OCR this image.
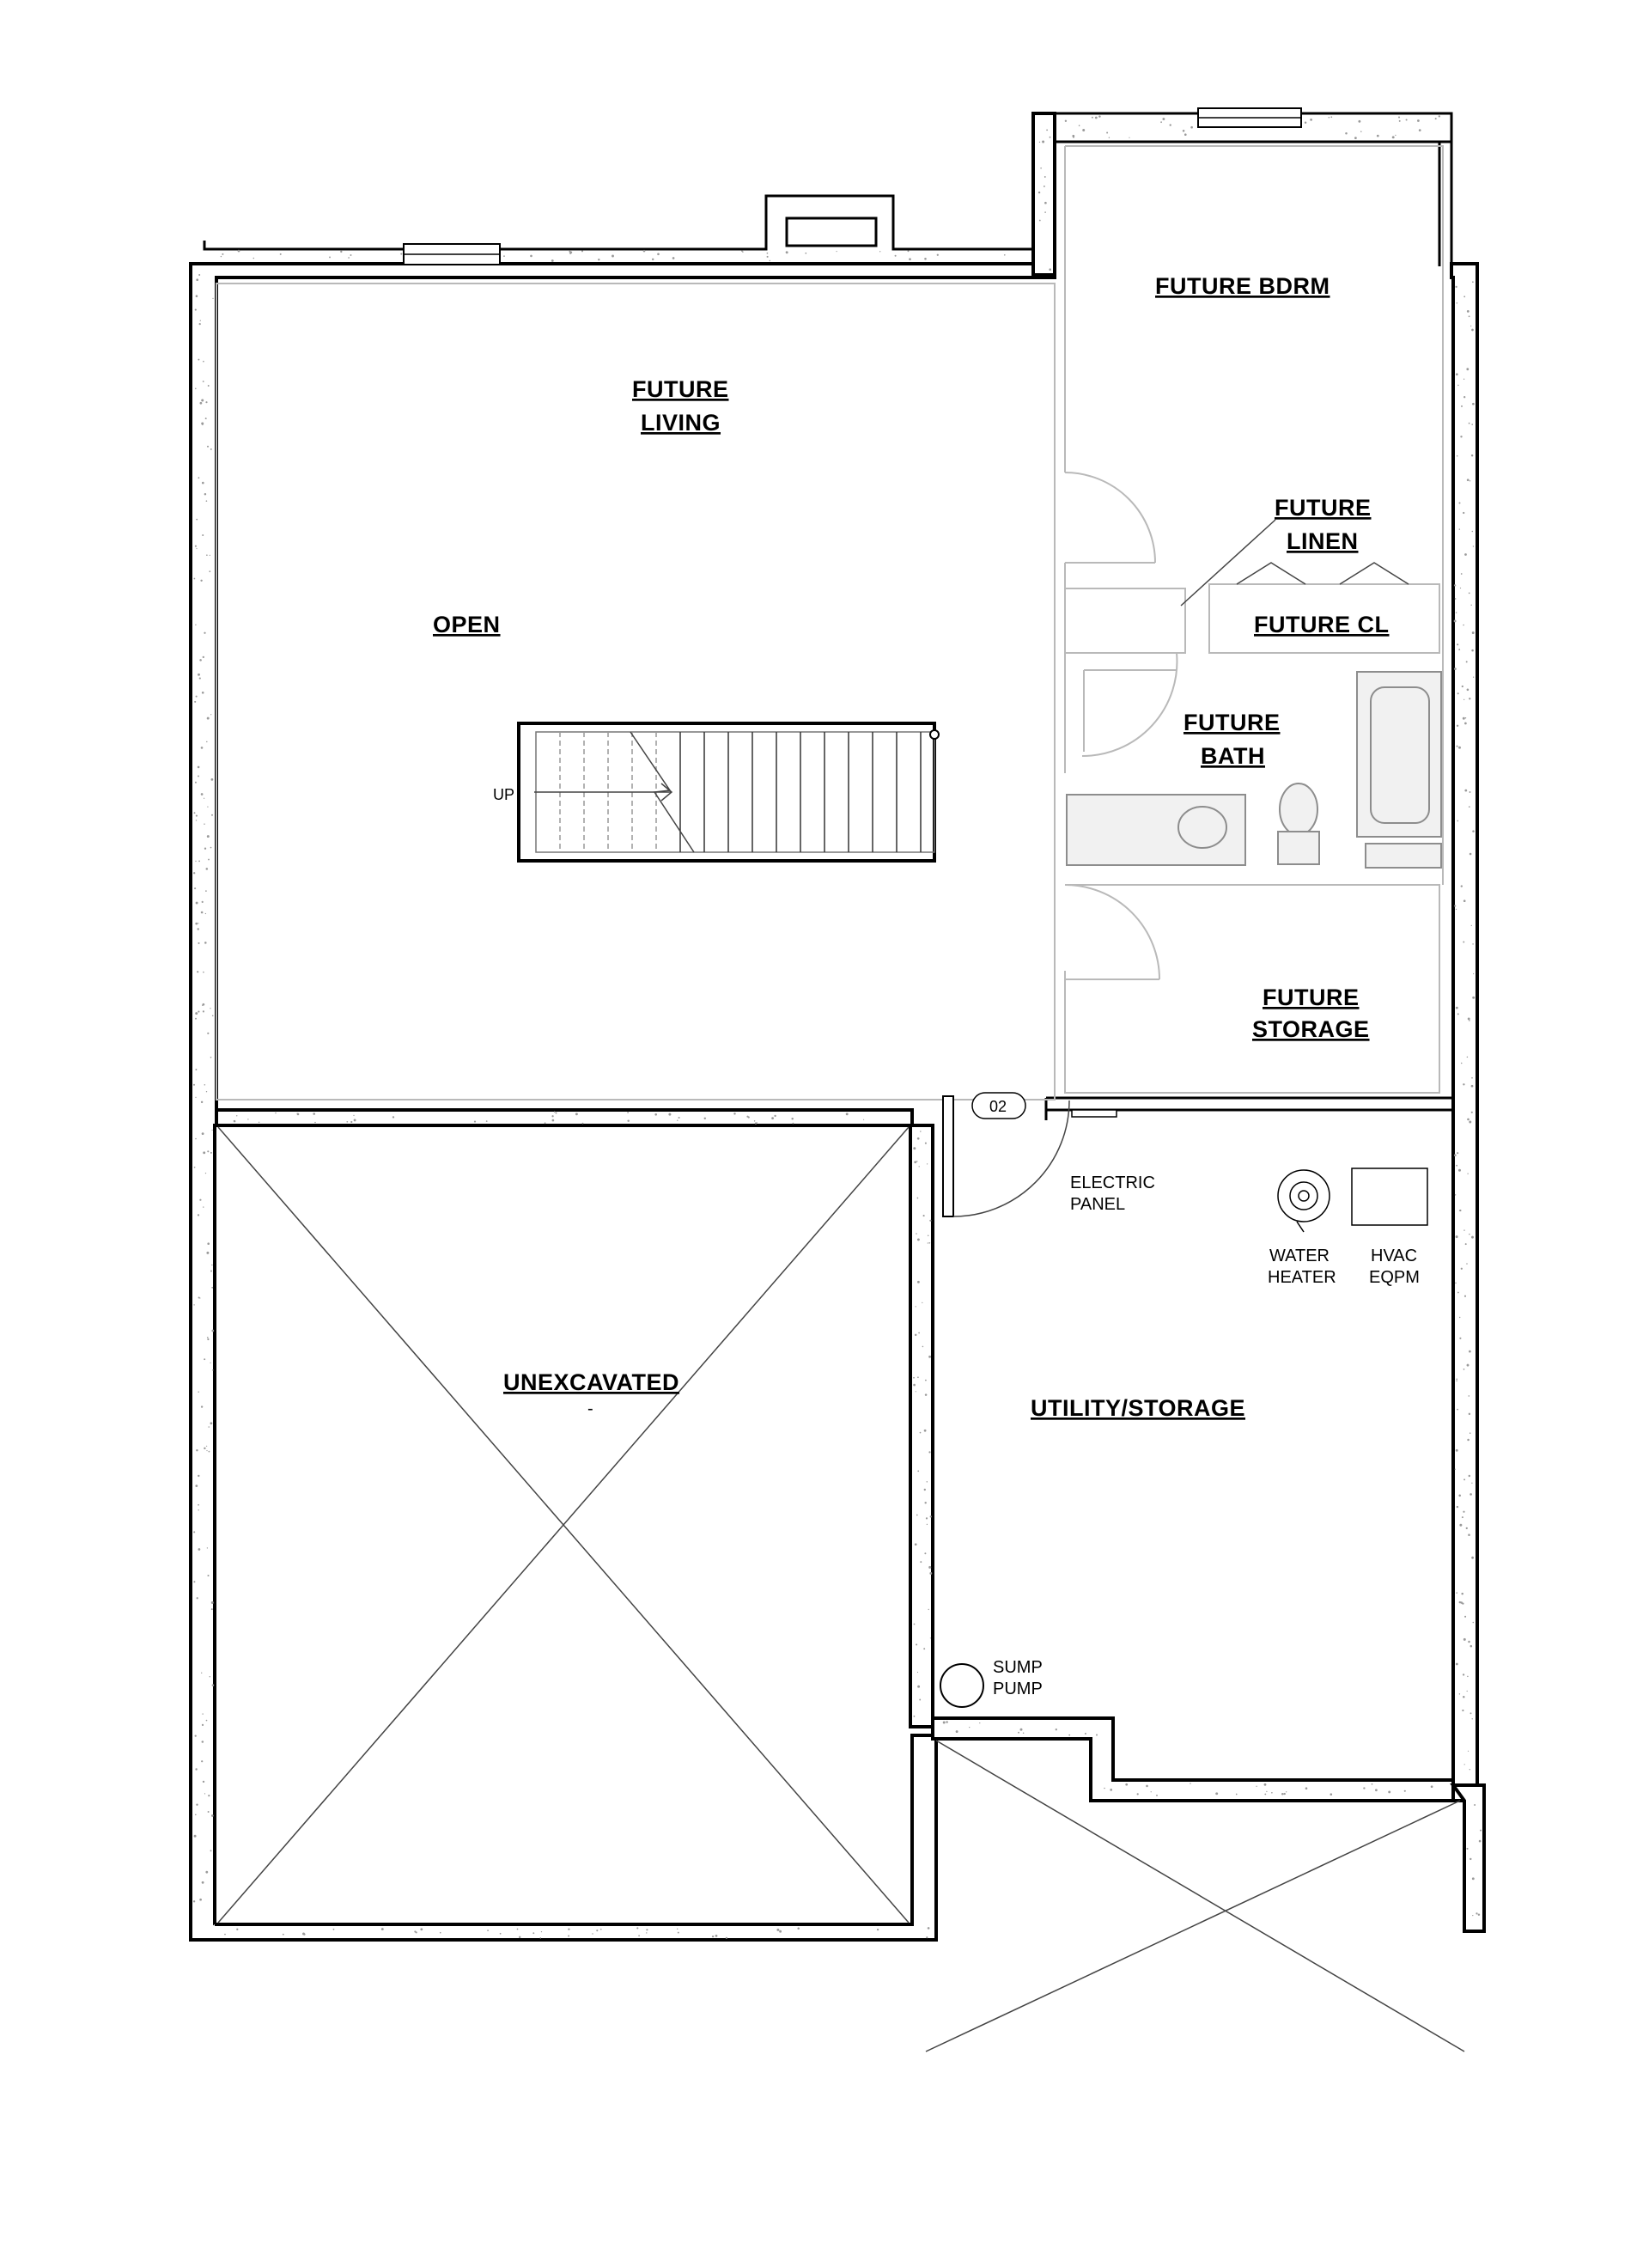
UP
02
FUTURE BDRM
FUTURE
LIVING
OPEN
FUTURE
LINEN
FUTURE CL
FUTURE
BATH
FUTURE
STORAGE
UNEXCAVATED
-	UTILITY/STORAGE
ELECTRIC
PANEL
WATER
HEATER
HVAC
EQPM
SUMP
PUMP
